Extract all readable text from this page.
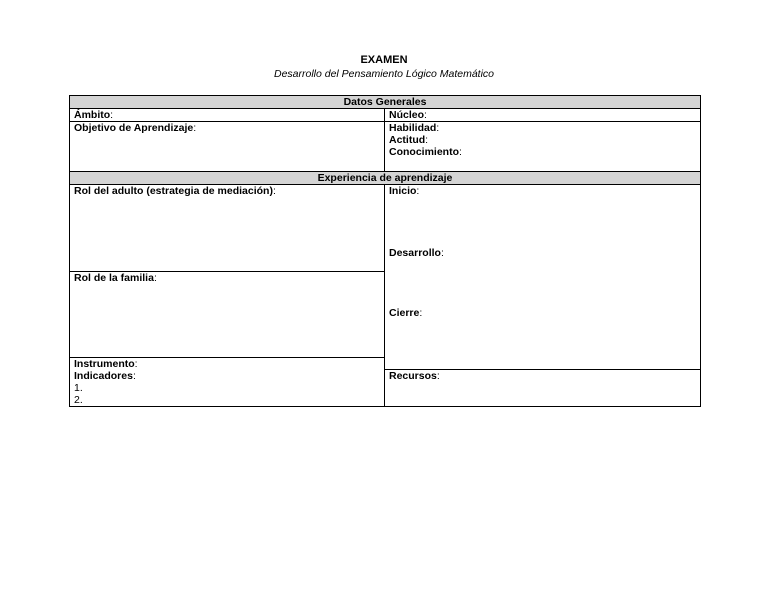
EXAMEN
Desarrollo del Pensamiento Lógico Matemático
Datos Generales	
Ámbito:	Núcleo:
Objetivo de Aprendizaje:	Habilidad:
Actitud:
Conocimiento:

Experiencia de aprendizaje	
Rol del adulto (estrategia de mediación):	Inicio:
Desarrollo:
Cierre:

Rol de la familia:	

Instrumento:
Indicadores:
1.
2.	

	Recursos:
